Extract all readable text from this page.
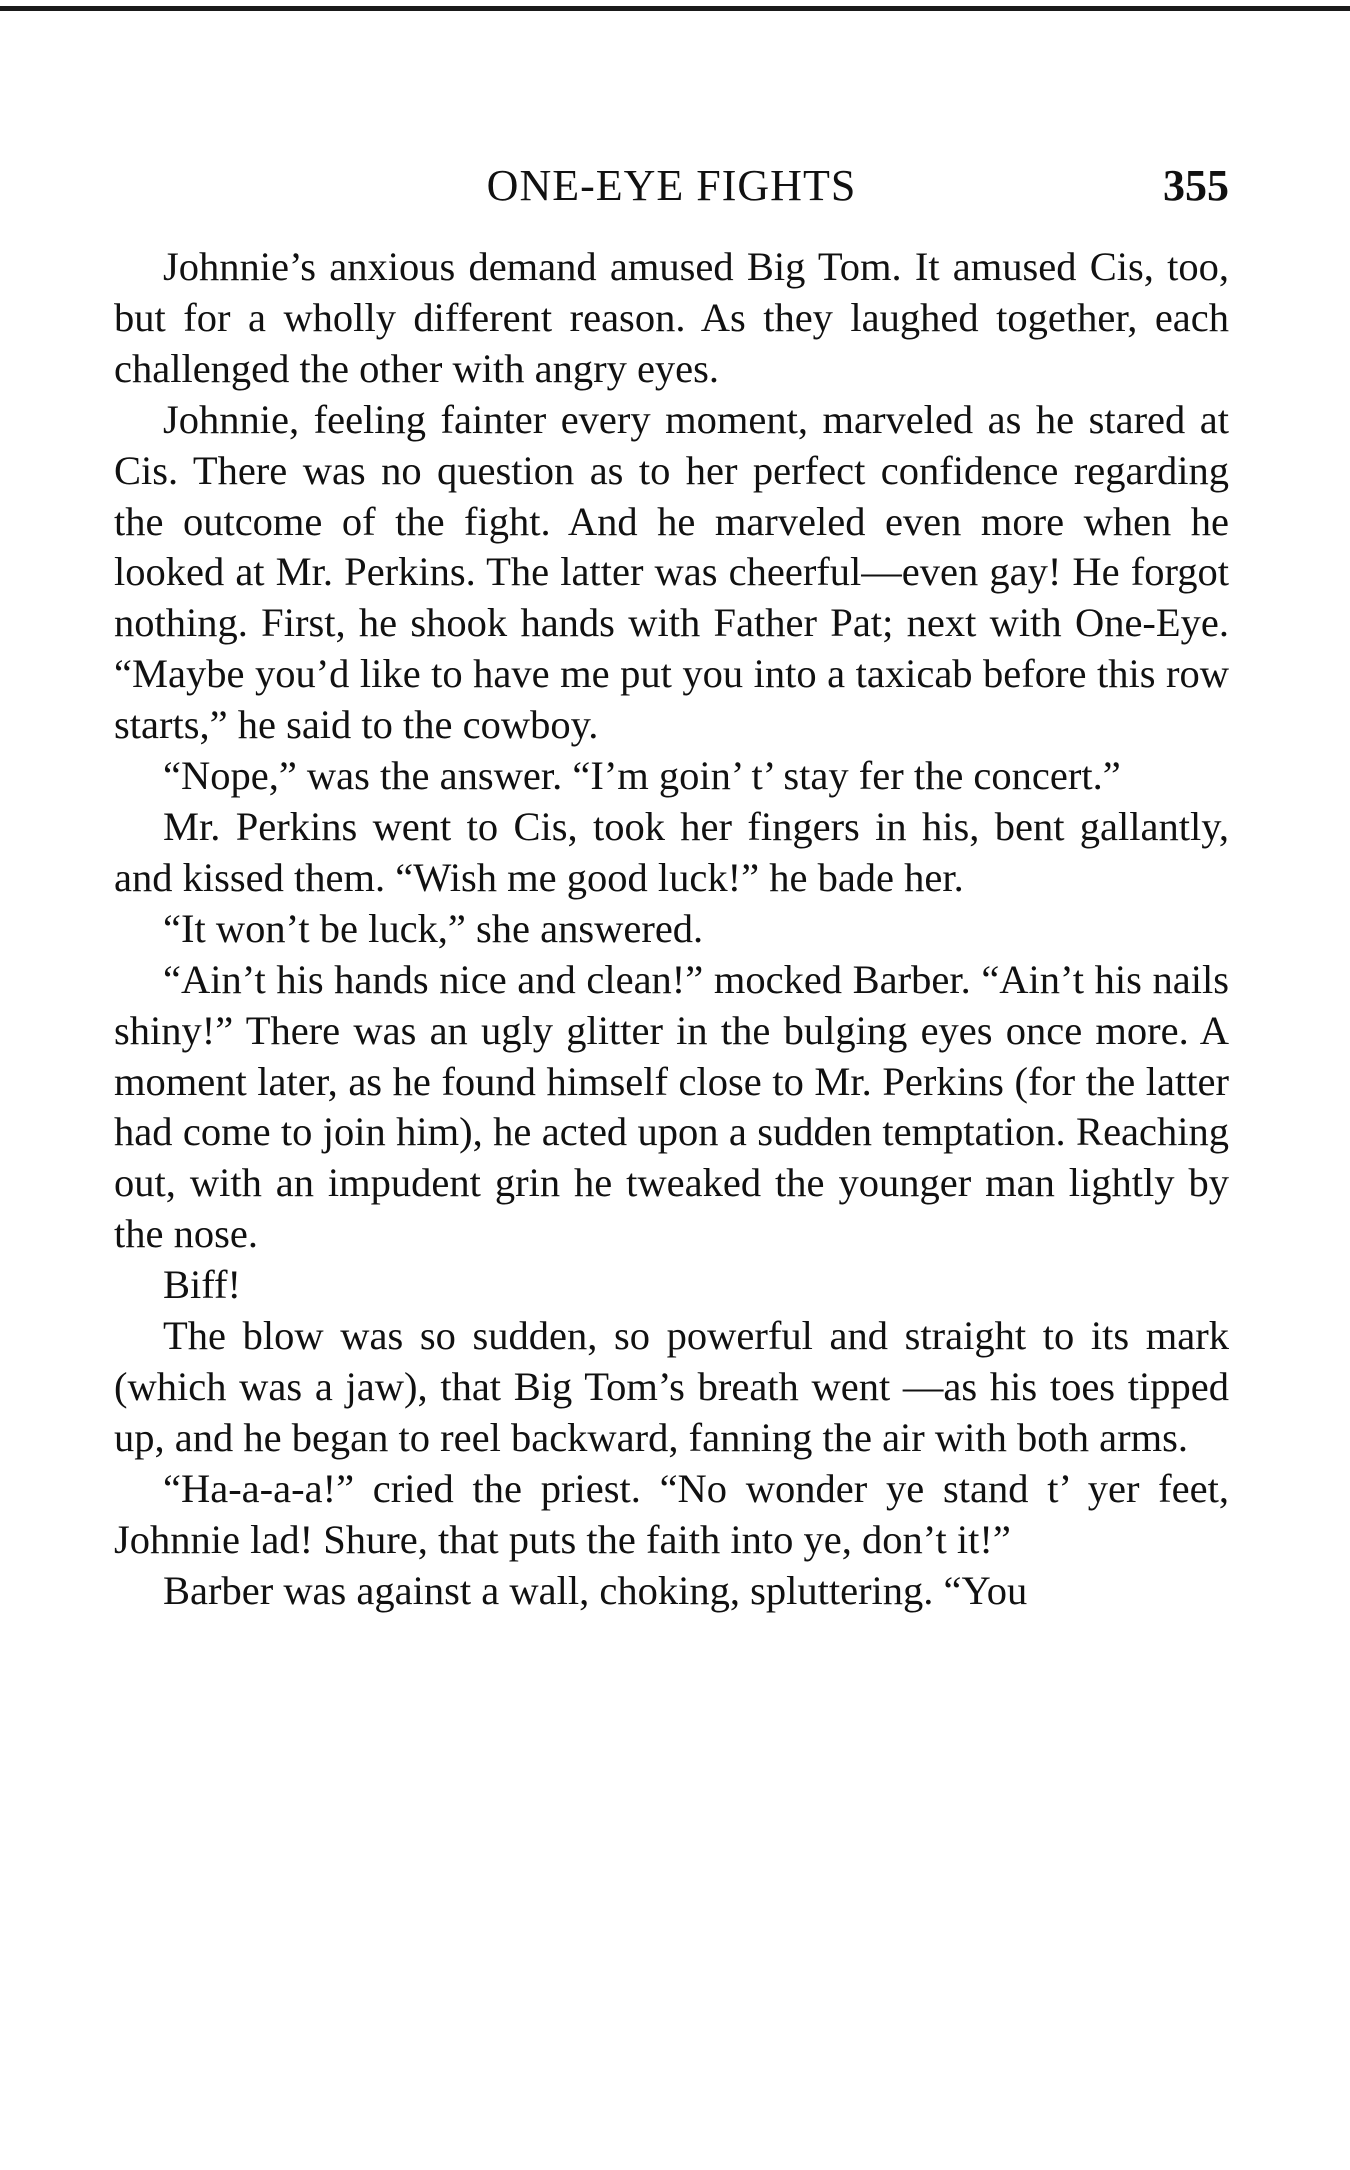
ONE-EYE FIGHTS	355

Johnnie’s anxious demand amused Big Tom. It amused Cis, too, but for a wholly different reason. As they laughed together, each challenged the other with angry eyes.

Johnnie, feeling fainter every moment, marveled as he stared at Cis. There was no question as to her perfect confidence regarding the outcome of the fight. And he marveled even more when he looked at Mr. Perkins. The latter was cheerful—even gay! He forgot nothing. First, he shook hands with Father Pat; next with One-Eye. “Maybe you’d like to have me put you into a taxicab before this row starts,” he said to the cowboy.

“Nope,” was the answer. “I’m goin’ t’ stay fer the concert.”

Mr. Perkins went to Cis, took her fingers in his, bent gallantly, and kissed them. “Wish me good luck!” he bade her.

“It won’t be luck,” she answered.

“Ain’t his hands nice and clean!” mocked Barber. “Ain’t his nails shiny!” There was an ugly glitter in the bulging eyes once more. A moment later, as he found himself close to Mr. Perkins (for the latter had come to join him), he acted upon a sudden temptation. Reaching out, with an impudent grin he tweaked the younger man lightly by the nose.

Biff!

The blow was so sudden, so powerful and straight to its mark (which was a jaw), that Big Tom’s breath went —as his toes tipped up, and he began to reel backward, fanning the air with both arms.

“Ha-a-a-a!” cried the priest. “No wonder ye stand t’ yer feet, Johnnie lad! Shure, that puts the faith into ye, don’t it!”

Barber was against a wall, choking, spluttering. “You
